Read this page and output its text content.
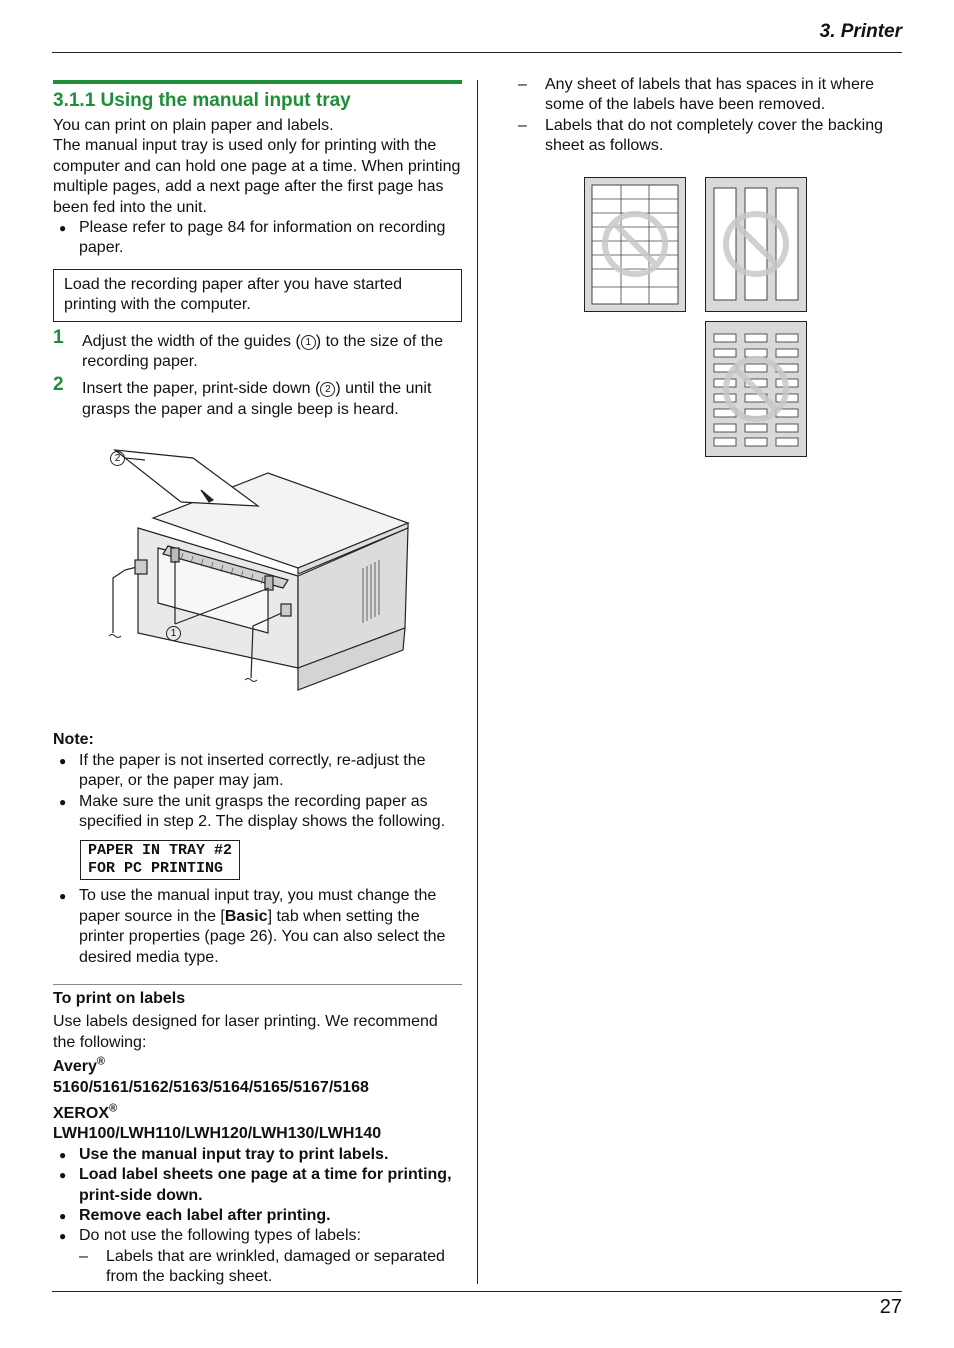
3. Printer
27
3.1.1 Using the manual input tray

You can print on plain paper and labels.

The manual input tray is used only for printing with the computer and can hold one page at a time. When printing multiple pages, add a next page after the first page has been fed into the unit.

● Please refer to page 84 for information on recording paper.
Load the recording paper after you have started printing with the computer.
1 Adjust the width of the guides ( 1 ) to the size of the recording paper.
2 Insert the paper, print-side down ( 2 ) until the unit grasps the paper and a single beep is heard.
2
1
Note:
● If the paper is not inserted correctly, re-adjust the paper, or the paper may jam.
● Make sure the unit grasps the recording paper as specified in step 2. The display shows the following.
PAPER IN TRAY #2
FOR PC PRINTING
● To use the manual input tray, you must change the paper source in the [Basic] tab when setting the printer properties (page 26). You can also select the desired media type.
To print on labels

Use labels designed for laser printing. We recommend the following:

Avery®
5160/5161/5162/5163/5164/5165/5167/5168
XEROX®
LWH100/LWH110/LWH120/LWH130/LWH140
● Use the manual input tray to print labels.
● Load label sheets one page at a time for printing, print-side down.
● Remove each label after printing.
● Do not use the following types of labels:
– Labels that are wrinkled, damaged or separated from the backing sheet.
– Any sheet of labels that has spaces in it where some of the labels have been removed.
– Labels that do not completely cover the backing sheet as follows.
